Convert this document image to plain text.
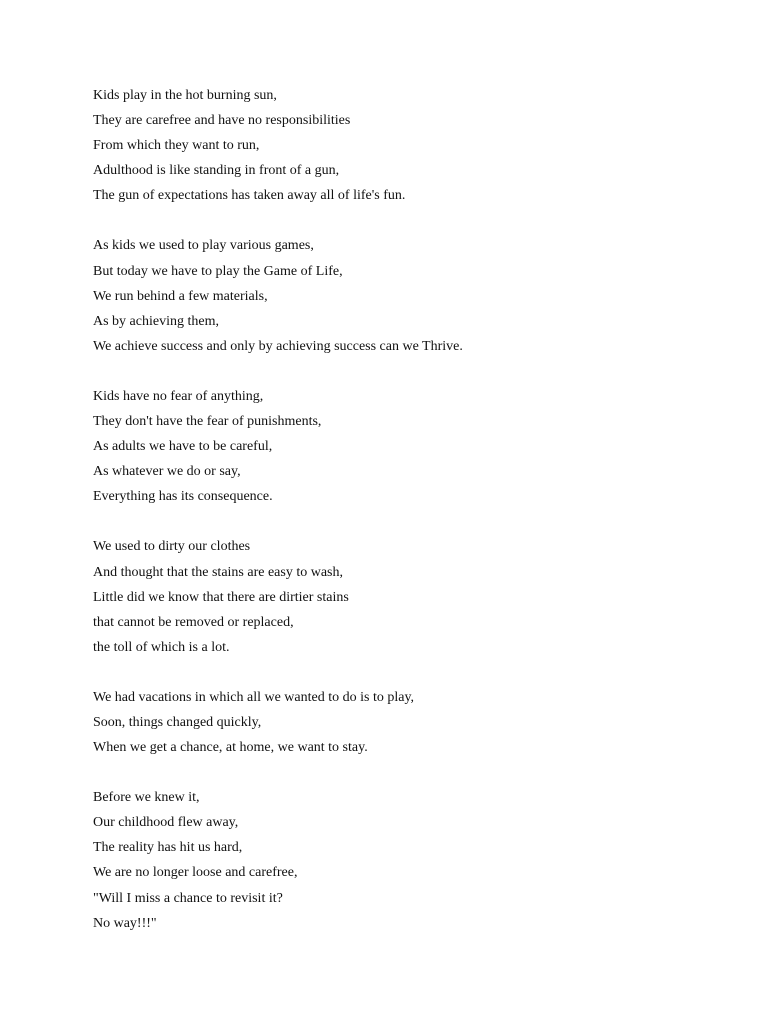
Kids play in the hot burning sun,
They are carefree and have no responsibilities
From which they want to run,
Adulthood is like standing in front of a gun,
The gun of expectations has taken away all of life's fun.
As kids we used to play various games,
But today we have to play the Game of Life,
We run behind a few materials,
As by achieving them,
We achieve success and only by achieving success can we Thrive.
Kids have no fear of anything,
They don't have the fear of punishments,
As adults we have to be careful,
As whatever we do or say,
Everything has its consequence.
We used to dirty our clothes
And thought that the stains are easy to wash,
Little did we know that there are dirtier stains
that cannot be removed or replaced,
the toll of which is a lot.
We had vacations in which all we wanted to do is to play,
Soon, things changed quickly,
When we get a chance, at home, we want to stay.
Before we knew it,
Our childhood flew away,
The reality has hit us hard,
We are no longer loose and carefree,
"Will I miss a chance to revisit it?
No way!!!"
